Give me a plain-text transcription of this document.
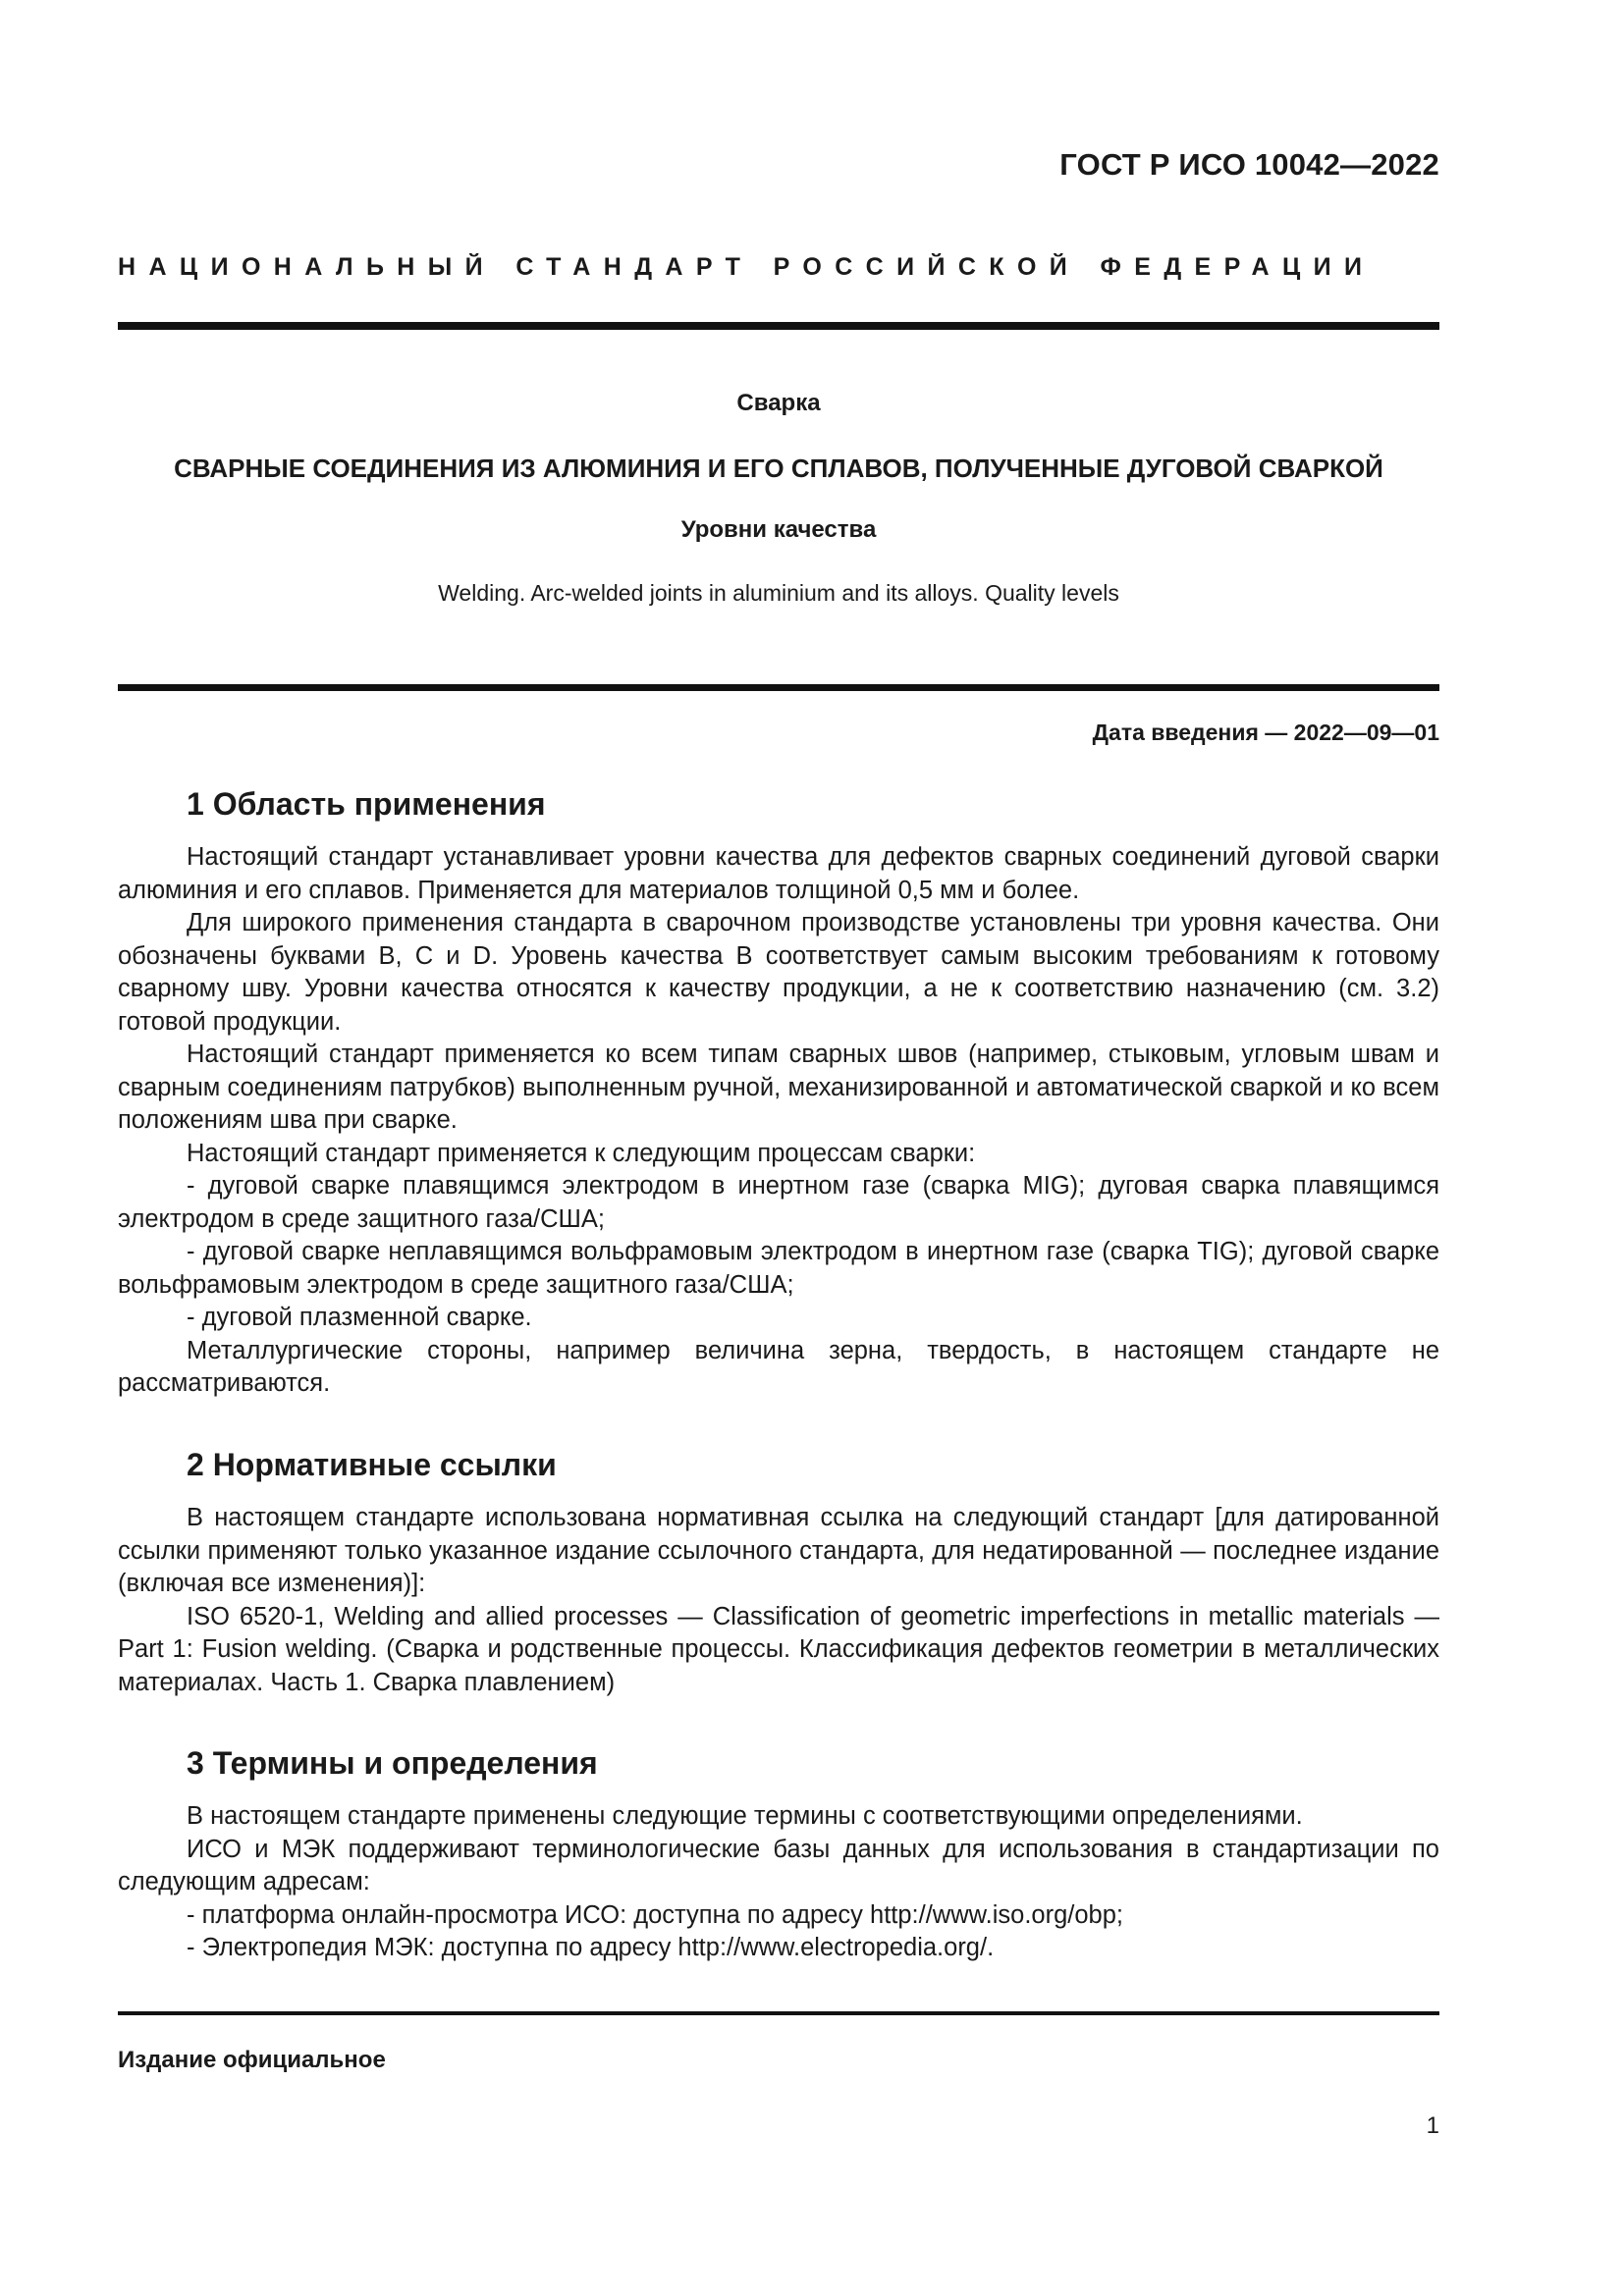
ГОСТ Р ИСО 10042—2022
НАЦИОНАЛЬНЫЙ СТАНДАРТ РОССИЙСКОЙ ФЕДЕРАЦИИ
Сварка
СВАРНЫЕ СОЕДИНЕНИЯ ИЗ АЛЮМИНИЯ И ЕГО СПЛАВОВ, ПОЛУЧЕННЫЕ ДУГОВОЙ СВАРКОЙ
Уровни качества
Welding. Arc-welded joints in aluminium and its alloys. Quality levels
Дата введения — 2022—09—01
1 Область применения

Настоящий стандарт устанавливает уровни качества для дефектов сварных соединений дуговой сварки алюминия и его сплавов. Применяется для материалов толщиной 0,5 мм и более.

Для широкого применения стандарта в сварочном производстве установлены три уровня качества. Они обозначены буквами В, С и D. Уровень качества В соответствует самым высоким требованиям к готовому сварному шву. Уровни качества относятся к качеству продукции, а не к соответствию назначению (см. 3.2) готовой продукции.

Настоящий стандарт применяется ко всем типам сварных швов (например, стыковым, угловым швам и сварным соединениям патрубков) выполненным ручной, механизированной и автоматической сваркой и ко всем положениям шва при сварке.

Настоящий стандарт применяется к следующим процессам сварки:

- дуговой сварке плавящимся электродом в инертном газе (сварка MIG); дуговая сварка плавящимся электродом в среде защитного газа/США;

- дуговой сварке неплавящимся вольфрамовым электродом в инертном газе (сварка TIG); дуговой сварке вольфрамовым электродом в среде защитного газа/США;

- дуговой плазменной сварке.

Металлургические стороны, например величина зерна, твердость, в настоящем стандарте не рассматриваются.

2 Нормативные ссылки

В настоящем стандарте использована нормативная ссылка на следующий стандарт [для датированной ссылки применяют только указанное издание ссылочного стандарта, для недатированной — последнее издание (включая все изменения)]:

ISO 6520-1, Welding and allied processes — Classification of geometric imperfections in metallic materials — Part 1: Fusion welding. (Сварка и родственные процессы. Классификация дефектов геометрии в металлических материалах. Часть 1. Сварка плавлением)

3 Термины и определения

В настоящем стандарте применены следующие термины с соответствующими определениями.

ИСО и МЭК поддерживают терминологические базы данных для использования в стандартизации по следующим адресам:

- платформа онлайн-просмотра ИСО: доступна по адресу http://www.iso.org/obp;

- Электропедия МЭК: доступна по адресу http://www.electropedia.org/.

Издание официальное
1
